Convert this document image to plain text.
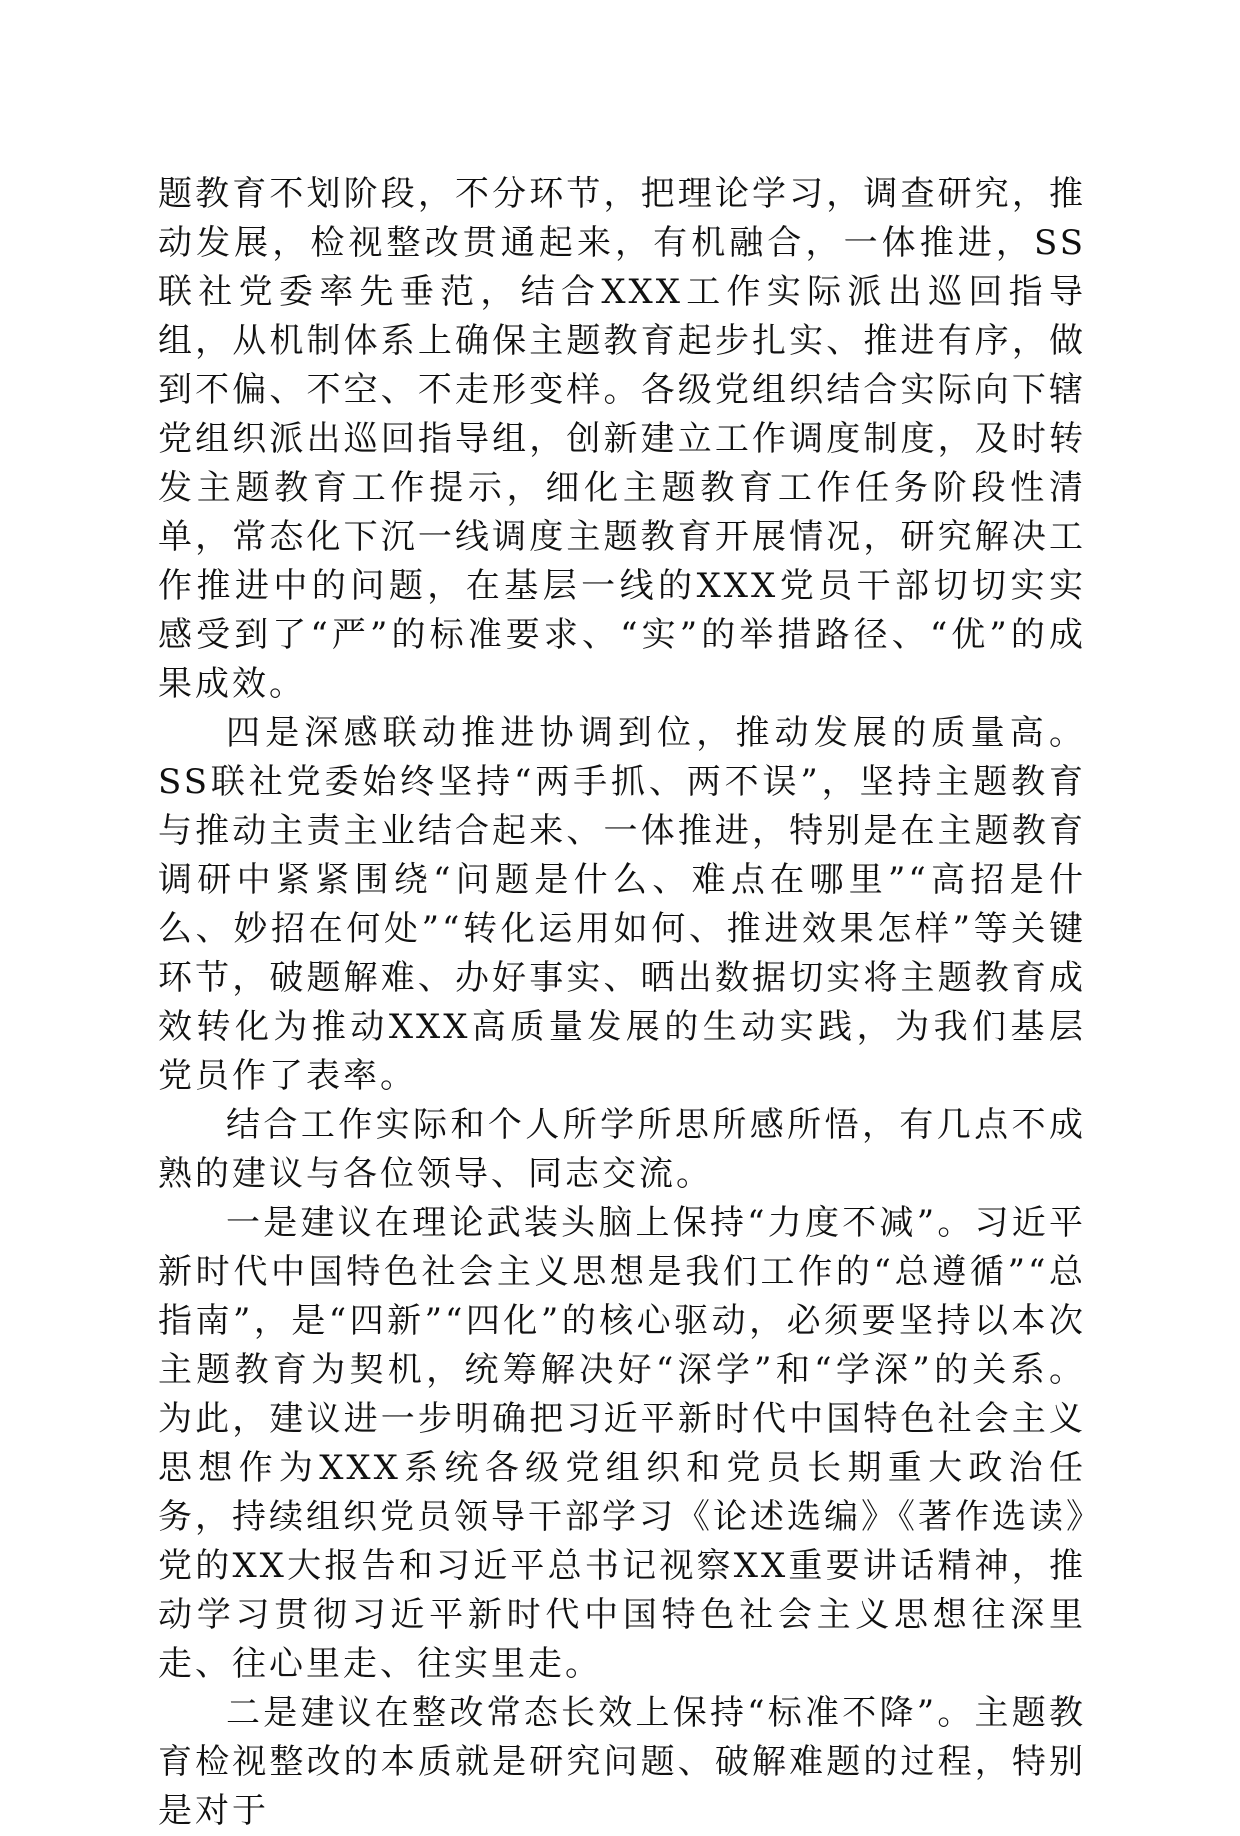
题教育不划阶段，不分环节，把理论学习，调查研究，推动发展，检视整改贯通起来，有机融合，一体推进，SS联社党委率先垂范，结合XXX工作实际派出巡回指导组，从机制体系上确保主题教育起步扎实、推进有序，做到不偏、不空、不走形变样。各级党组织结合实际向下辖党组织派出巡回指导组，创新建立工作调度制度，及时转发主题教育工作提示，细化主题教育工作任务阶段性清单，常态化下沉一线调度主题教育开展情况，研究解决工作推进中的问题，在基层一线的XXX党员干部切切实实感受到了“严”的标准要求、“实”的举措路径、“优”的成果成效。

四是深感联动推进协调到位，推动发展的质量高。SS联社党委始终坚持“两手抓、两不误”，坚持主题教育与推动主责主业结合起来、一体推进，特别是在主题教育调研中紧紧围绕“问题是什么、难点在哪里”“高招是什么、妙招在何处”“转化运用如何、推进效果怎样”等关键环节，破题解难、办好事实、晒出数据切实将主题教育成效转化为推动XXX高质量发展的生动实践，为我们基层党员作了表率。

结合工作实际和个人所学所思所感所悟，有几点不成熟的建议与各位领导、同志交流。

一是建议在理论武装头脑上保持“力度不减”。习近平新时代中国特色社会主义思想是我们工作的“总遵循”“总指南”，是“四新”“四化”的核心驱动，必须要坚持以本次主题教育为契机，统筹解决好“深学”和“学深”的关系。为此，建议进一步明确把习近平新时代中国特色社会主义思想作为XXX系统各级党组织和党员长期重大政治任务，持续组织党员领导干部学习《论述选编》《著作选读》党的XX大报告和习近平总书记视察XX重要讲话精神，推动学习贯彻习近平新时代中国特色社会主义思想往深里走、往心里走、往实里走。

二是建议在整改常态长效上保持“标准不降”。主题教育检视整改的本质就是研究问题、破解难题的过程，特别是对于
